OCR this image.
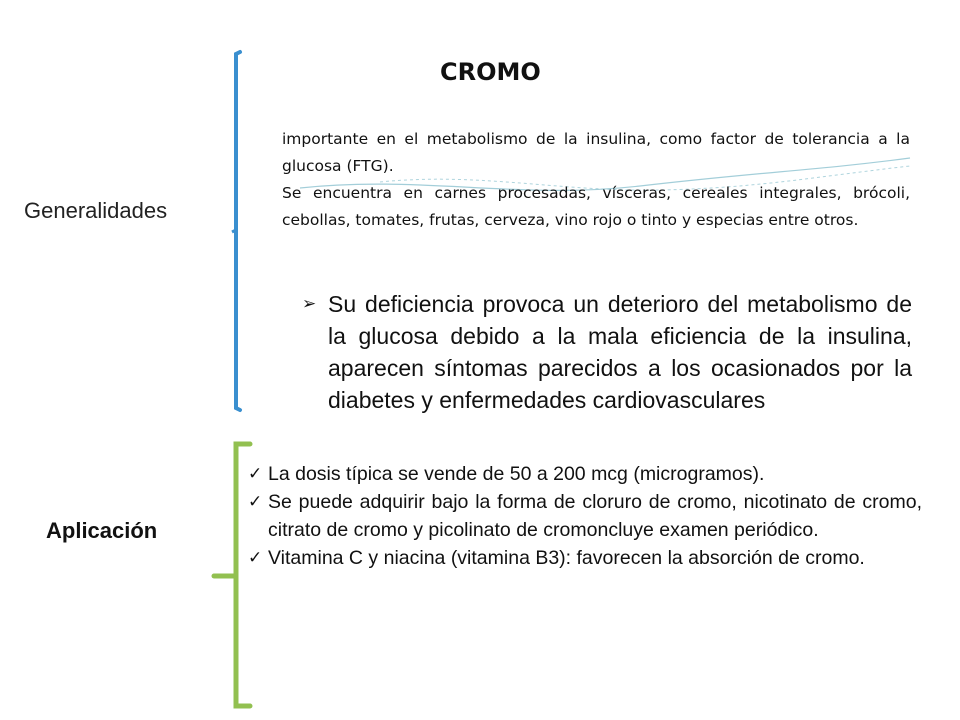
CROMO
Generalidades
Aplicación

importante en el metabolismo de la insulina, como factor de tolerancia a la glucosa (FTG).

Se encuentra en carnes procesadas, vísceras, cereales integrales, brócoli, cebollas, tomates, frutas, cerveza, vino rojo o tinto y especias entre otros.

➢ Su deficiencia provoca un deterioro del metabolismo de la glucosa debido a la mala eficiencia de la insulina, aparecen síntomas parecidos a los ocasionados por la diabetes y enfermedades cardiovasculares
✓ La dosis típica se vende de 50 a 200 mcg (microgramos).
✓ Se puede adquirir bajo la forma de cloruro de cromo, nicotinato de cromo, citrato de cromo y picolinato de cromoncluye examen periódico.
✓ Vitamina C y niacina (vitamina B3): favorecen la absorción de cromo.
